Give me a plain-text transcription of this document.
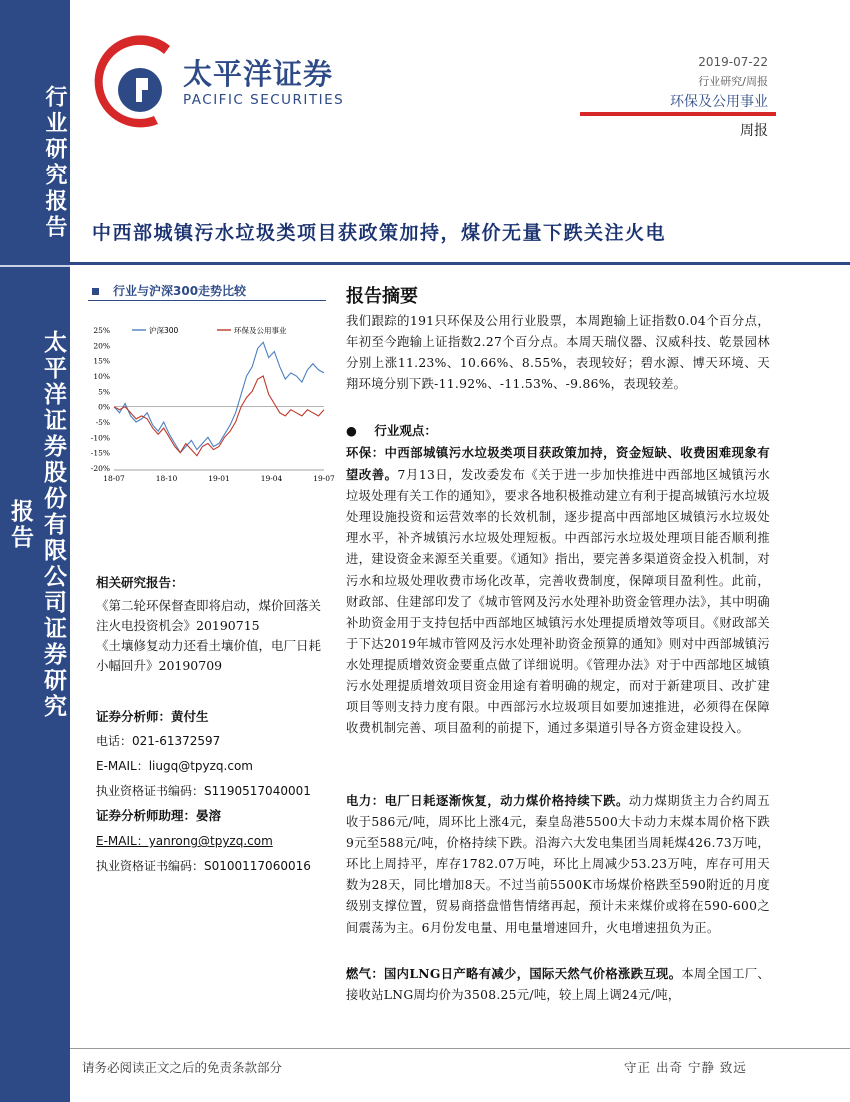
行业研究报告
太平洋证券股份有限公司证券研究报告
太平洋证券
PACIFIC SECURITIES
2019-07-22
行业研究/周报
环保及公用事业
周报
中西部城镇污水垃圾类项目获政策加持，煤价无量下跌关注火电
行业与沪深300走势比较
25%
20%
15%
10%
5%
0%
-5%
-10%
-15%
-20%
18-07	18-10	19-01	19-04	19-07
沪深300	环保及公用事业
相关研究报告：
《第二轮环保督查即将启动，煤价回落关注火电投资机会》20190715
《土壤修复动力还看土壤价值，电厂日耗小幅回升》20190709
证券分析师：黄付生
电话：021-61372597
E-MAIL：liugq@tpyzq.com
执业资格证书编码：S1190517040001
证券分析师助理：晏溶
E-MAIL：yanrong@tpyzq.com
执业资格证书编码：S0100117060016
报告摘要
我们跟踪的191只环保及公用行业股票，本周跑输上证指数0.04个百分点，年初至今跑输上证指数2.27个百分点。本周天瑞仪器、汉威科技、乾景园林分别上涨11.23%、10.66%、8.55%，表现较好；碧水源、博天环境、天翔环境分别下跌-11.92%、-11.53%、-9.86%，表现较差。
●    行业观点：
环保：中西部城镇污水垃圾类项目获政策加持，资金短缺、收费困难现象有望改善。7月13日，发改委发布《关于进一步加快推进中西部地区城镇污水垃圾处理有关工作的通知》，要求各地积极推动建立有利于提高城镇污水垃圾处理设施投资和运营效率的长效机制，逐步提高中西部地区城镇污水垃圾处理水平，补齐城镇污水垃圾处理短板。中西部污水垃圾处理项目能否顺利推进，建设资金来源至关重要。《通知》指出，要完善多渠道资金投入机制，对污水和垃圾处理收费市场化改革，完善收费制度，保障项目盈利性。此前，财政部、住建部印发了《城市管网及污水处理补助资金管理办法》，其中明确补助资金用于支持包括中西部地区城镇污水处理提质增效等项目。《财政部关于下达2019年城市管网及污水处理补助资金预算的通知》则对中西部城镇污水处理提质增效资金要重点做了详细说明。《管理办法》对于中西部地区城镇污水处理提质增效项目资金用途有着明确的规定，而对于新建项目、改扩建项目等则支持力度有限。中西部污水垃圾项目如要加速推进，必须得在保障收费机制完善、项目盈利的前提下，通过多渠道引导各方资金建设投入。
电力：电厂日耗逐渐恢复，动力煤价格持续下跌。动力煤期货主力合约周五收于586元/吨，周环比上涨4元，秦皇岛港5500大卡动力末煤本周价格下跌9元至588元/吨，价格持续下跌。沿海六大发电集团当周耗煤426.73万吨，环比上周持平，库存1782.07万吨，环比上周减少53.23万吨，库存可用天数为28天，同比增加8天。不过当前5500K市场煤价格跌至590附近的月度级别支撑位置，贸易商搭盘惜售情绪再起，预计未来煤价或将在590-600之间震荡为主。6月份发电量、用电量增速回升，火电增速扭负为正。
燃气：国内LNG日产略有减少，国际天然气价格涨跌互现。本周全国工厂、接收站LNG周均价为3508.25元/吨，较上周上调24元/吨，
请务必阅读正文之后的免责条款部分	守正 出奇 宁静 致远
